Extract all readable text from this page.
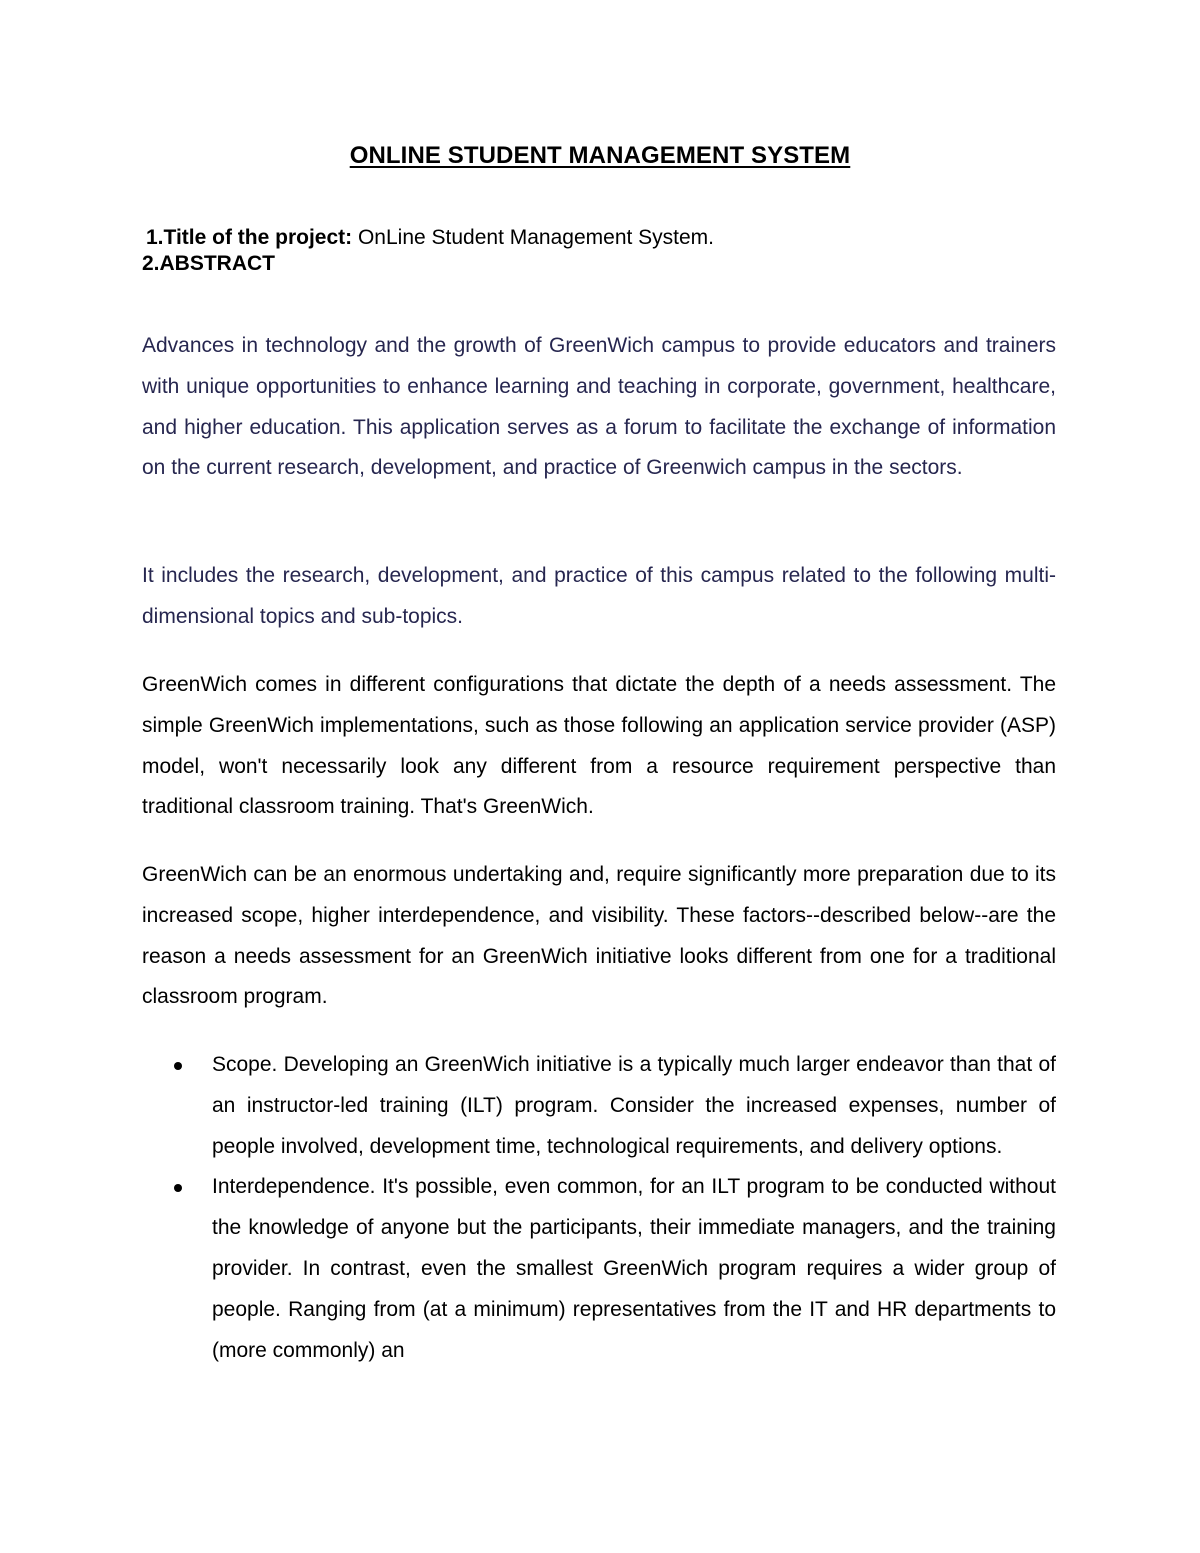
ONLINE STUDENT MANAGEMENT SYSTEM
1.Title of the project: OnLine Student Management System.
2.ABSTRACT

Advances in technology and the growth of GreenWich campus to provide educators and trainers with unique opportunities to enhance learning and teaching in corporate, government, healthcare, and higher education. This application serves as a forum to facilitate the exchange of information on the current research, development, and practice of Greenwich campus in the sectors.

It includes the research, development, and practice of this campus related to the following multi-dimensional topics and sub-topics.

GreenWich comes in different configurations that dictate the depth of a needs assessment. The simple GreenWich implementations, such as those following an application service provider (ASP) model, won't necessarily look any different from a resource requirement perspective than traditional classroom training. That's GreenWich.

GreenWich can be an enormous undertaking and, require significantly more preparation due to its increased scope, higher interdependence, and visibility. These factors--described below--are the reason a needs assessment for an GreenWich initiative looks different from one for a traditional classroom program.

Scope. Developing an GreenWich initiative is a typically much larger endeavor than that of an instructor-led training (ILT) program. Consider the increased expenses, number of people involved, development time, technological requirements, and delivery options.
Interdependence. It's possible, even common, for an ILT program to be conducted without the knowledge of anyone but the participants, their immediate managers, and the training provider. In contrast, even the smallest GreenWich program requires a wider group of people. Ranging from (at a minimum) representatives from the IT and HR departments to (more commonly) an
